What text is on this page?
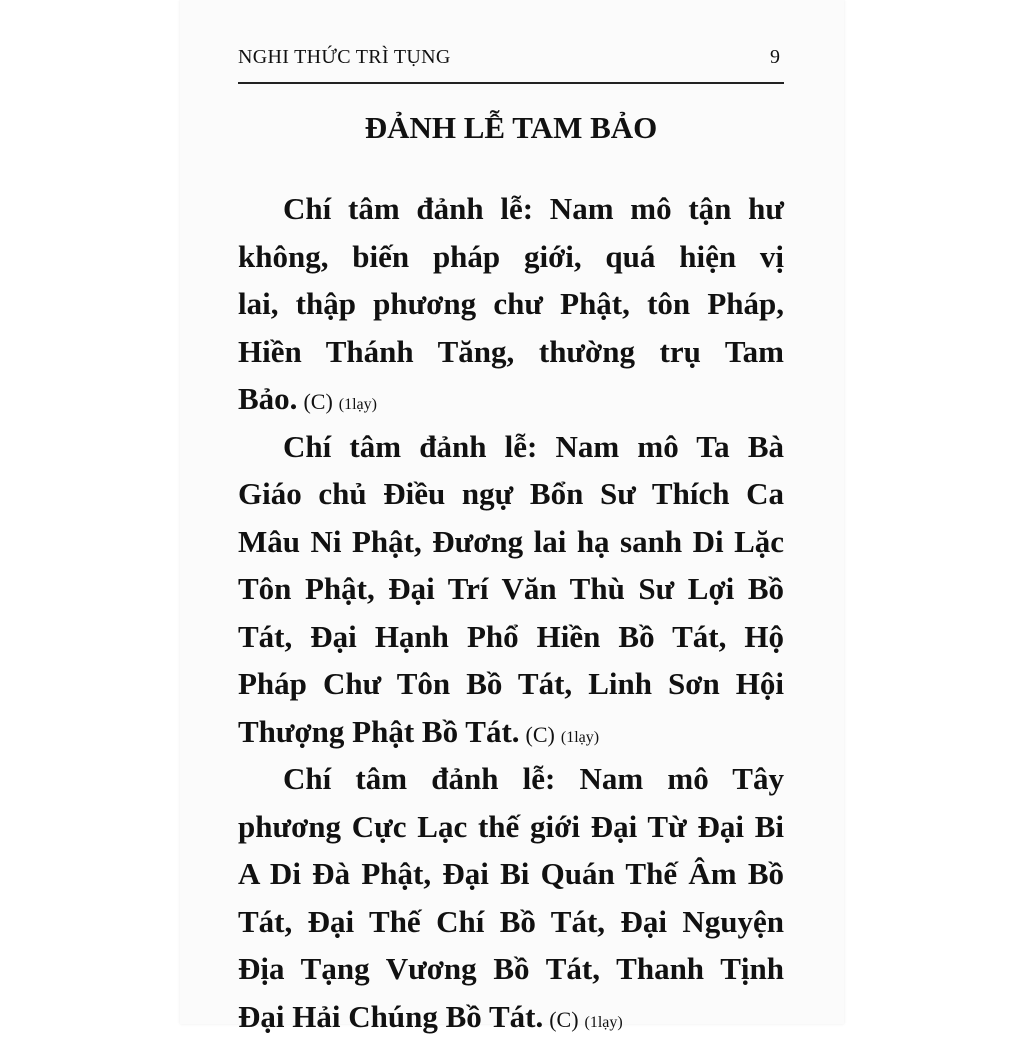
NGHI THỨC TRÌ TỤNG	9
ĐẢNH LỄ TAM BẢO
Chí tâm đảnh lễ: Nam mô tận hư
không, biến pháp giới, quá hiện vị
lai, thập phương chư Phật, tôn Pháp,
Hiền Thánh Tăng, thường trụ Tam
Bảo. (C) (1lạy)
Chí tâm đảnh lễ: Nam mô Ta Bà
Giáo chủ Điều ngự Bổn Sư Thích Ca
Mâu Ni Phật, Đương lai hạ sanh Di Lặc
Tôn Phật, Đại Trí Văn Thù Sư Lợi Bồ
Tát, Đại Hạnh Phổ Hiền Bồ Tát, Hộ
Pháp Chư Tôn Bồ Tát, Linh Sơn Hội
Thượng Phật Bồ Tát. (C) (1lạy)
Chí tâm đảnh lễ: Nam mô Tây
phương Cực Lạc thế giới Đại Từ Đại Bi
A Di Đà Phật, Đại Bi Quán Thế Âm Bồ
Tát, Đại Thế Chí Bồ Tát, Đại Nguyện
Địa Tạng Vương Bồ Tát, Thanh Tịnh
Đại Hải Chúng Bồ Tát. (C) (1lạy)
